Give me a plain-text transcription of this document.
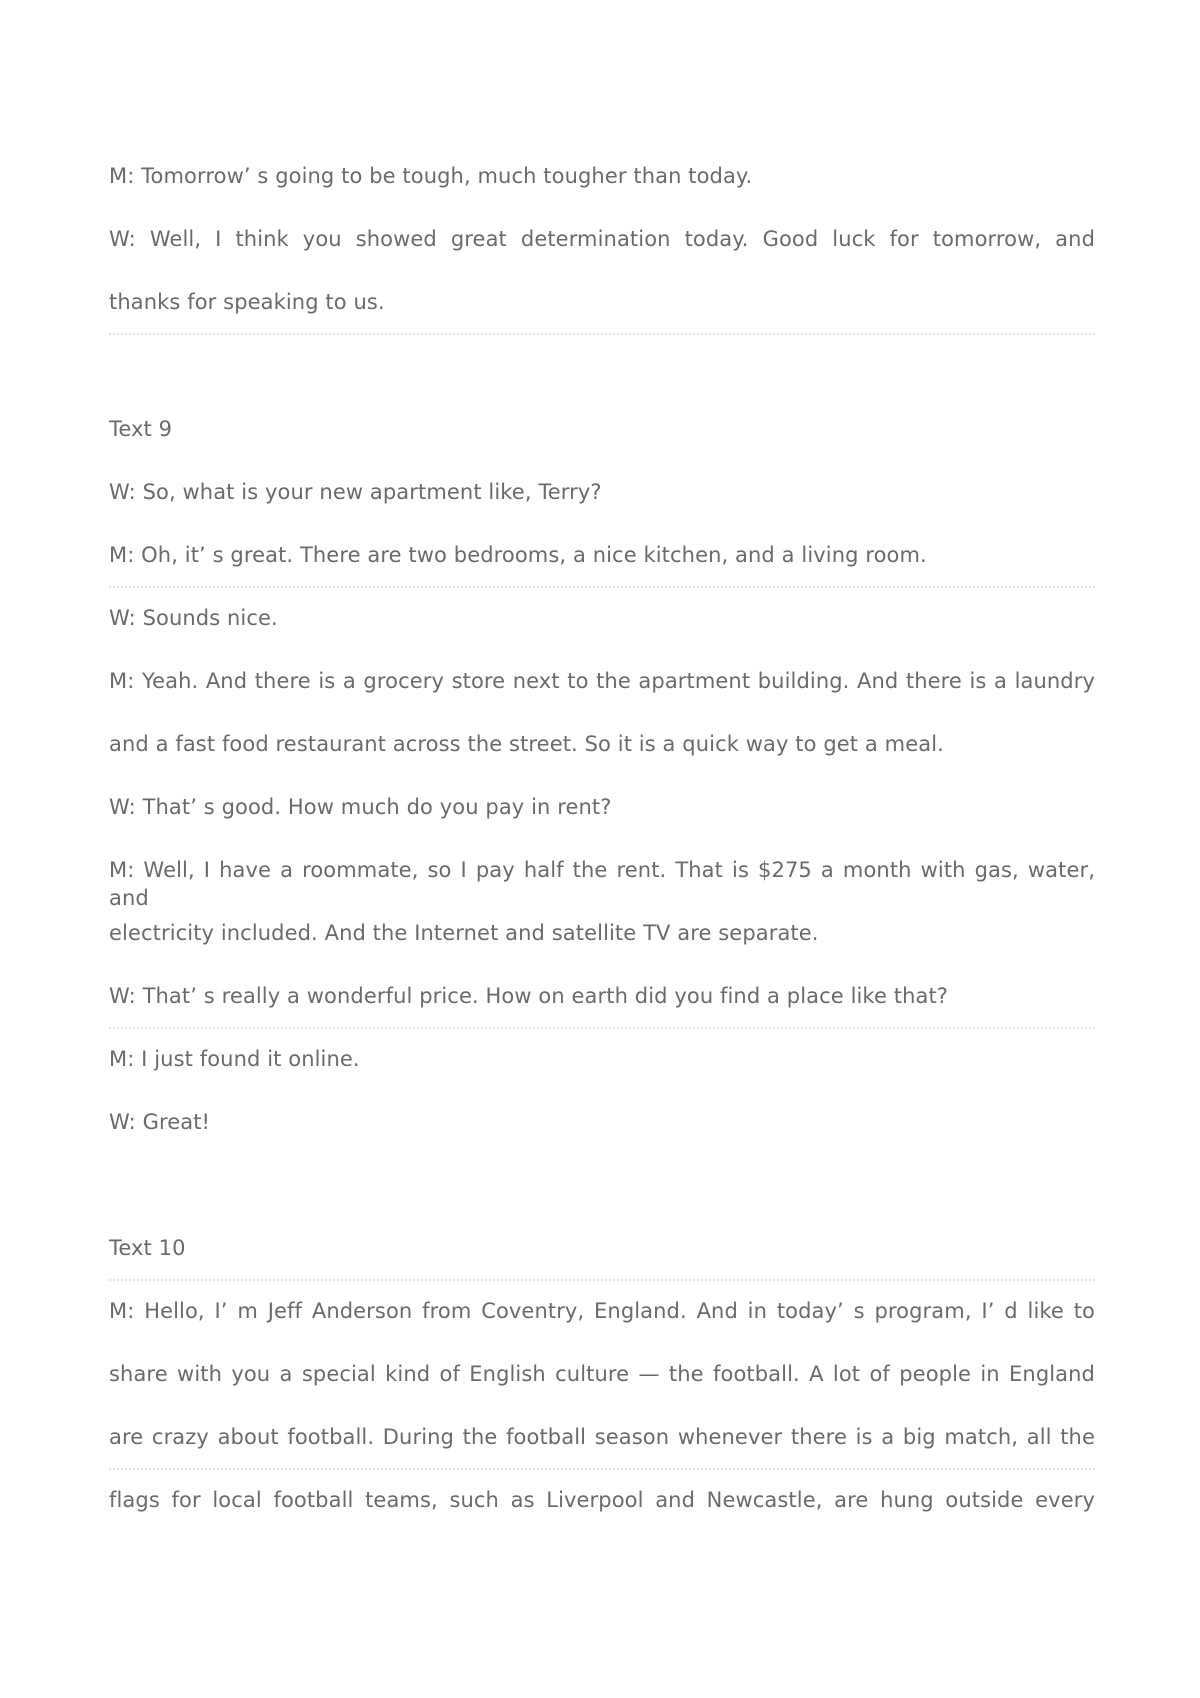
M: Tomorrow’ s going to be tough, much tougher than today.
W: Well, I think you showed great determination today. Good luck for tomorrow, and
thanks for speaking to us.
Text 9
W: So, what is your new apartment like, Terry?
M: Oh, it’ s great. There are two bedrooms, a nice kitchen, and a living room.
W: Sounds nice.
M: Yeah. And there is a grocery store next to the apartment building. And there is a laundry
and a fast food restaurant across the street. So it is a quick way to get a meal.
W: That’ s good. How much do you pay in rent?
M: Well, I have a roommate, so I pay half the rent. That is $275 a month with gas, water, and
electricity included. And the Internet and satellite TV are separate.
W: That’ s really a wonderful price. How on earth did you find a place like that?
M: I just found it online.
W: Great!
Text 10
M: Hello, I’ m Jeff Anderson from Coventry, England. And in today’ s program, I’ d like to
share with you a special kind of English culture — the football. A lot of people in England
are crazy about football. During the football season whenever there is a big match, all the
flags for local football teams, such as Liverpool and Newcastle, are hung outside every
